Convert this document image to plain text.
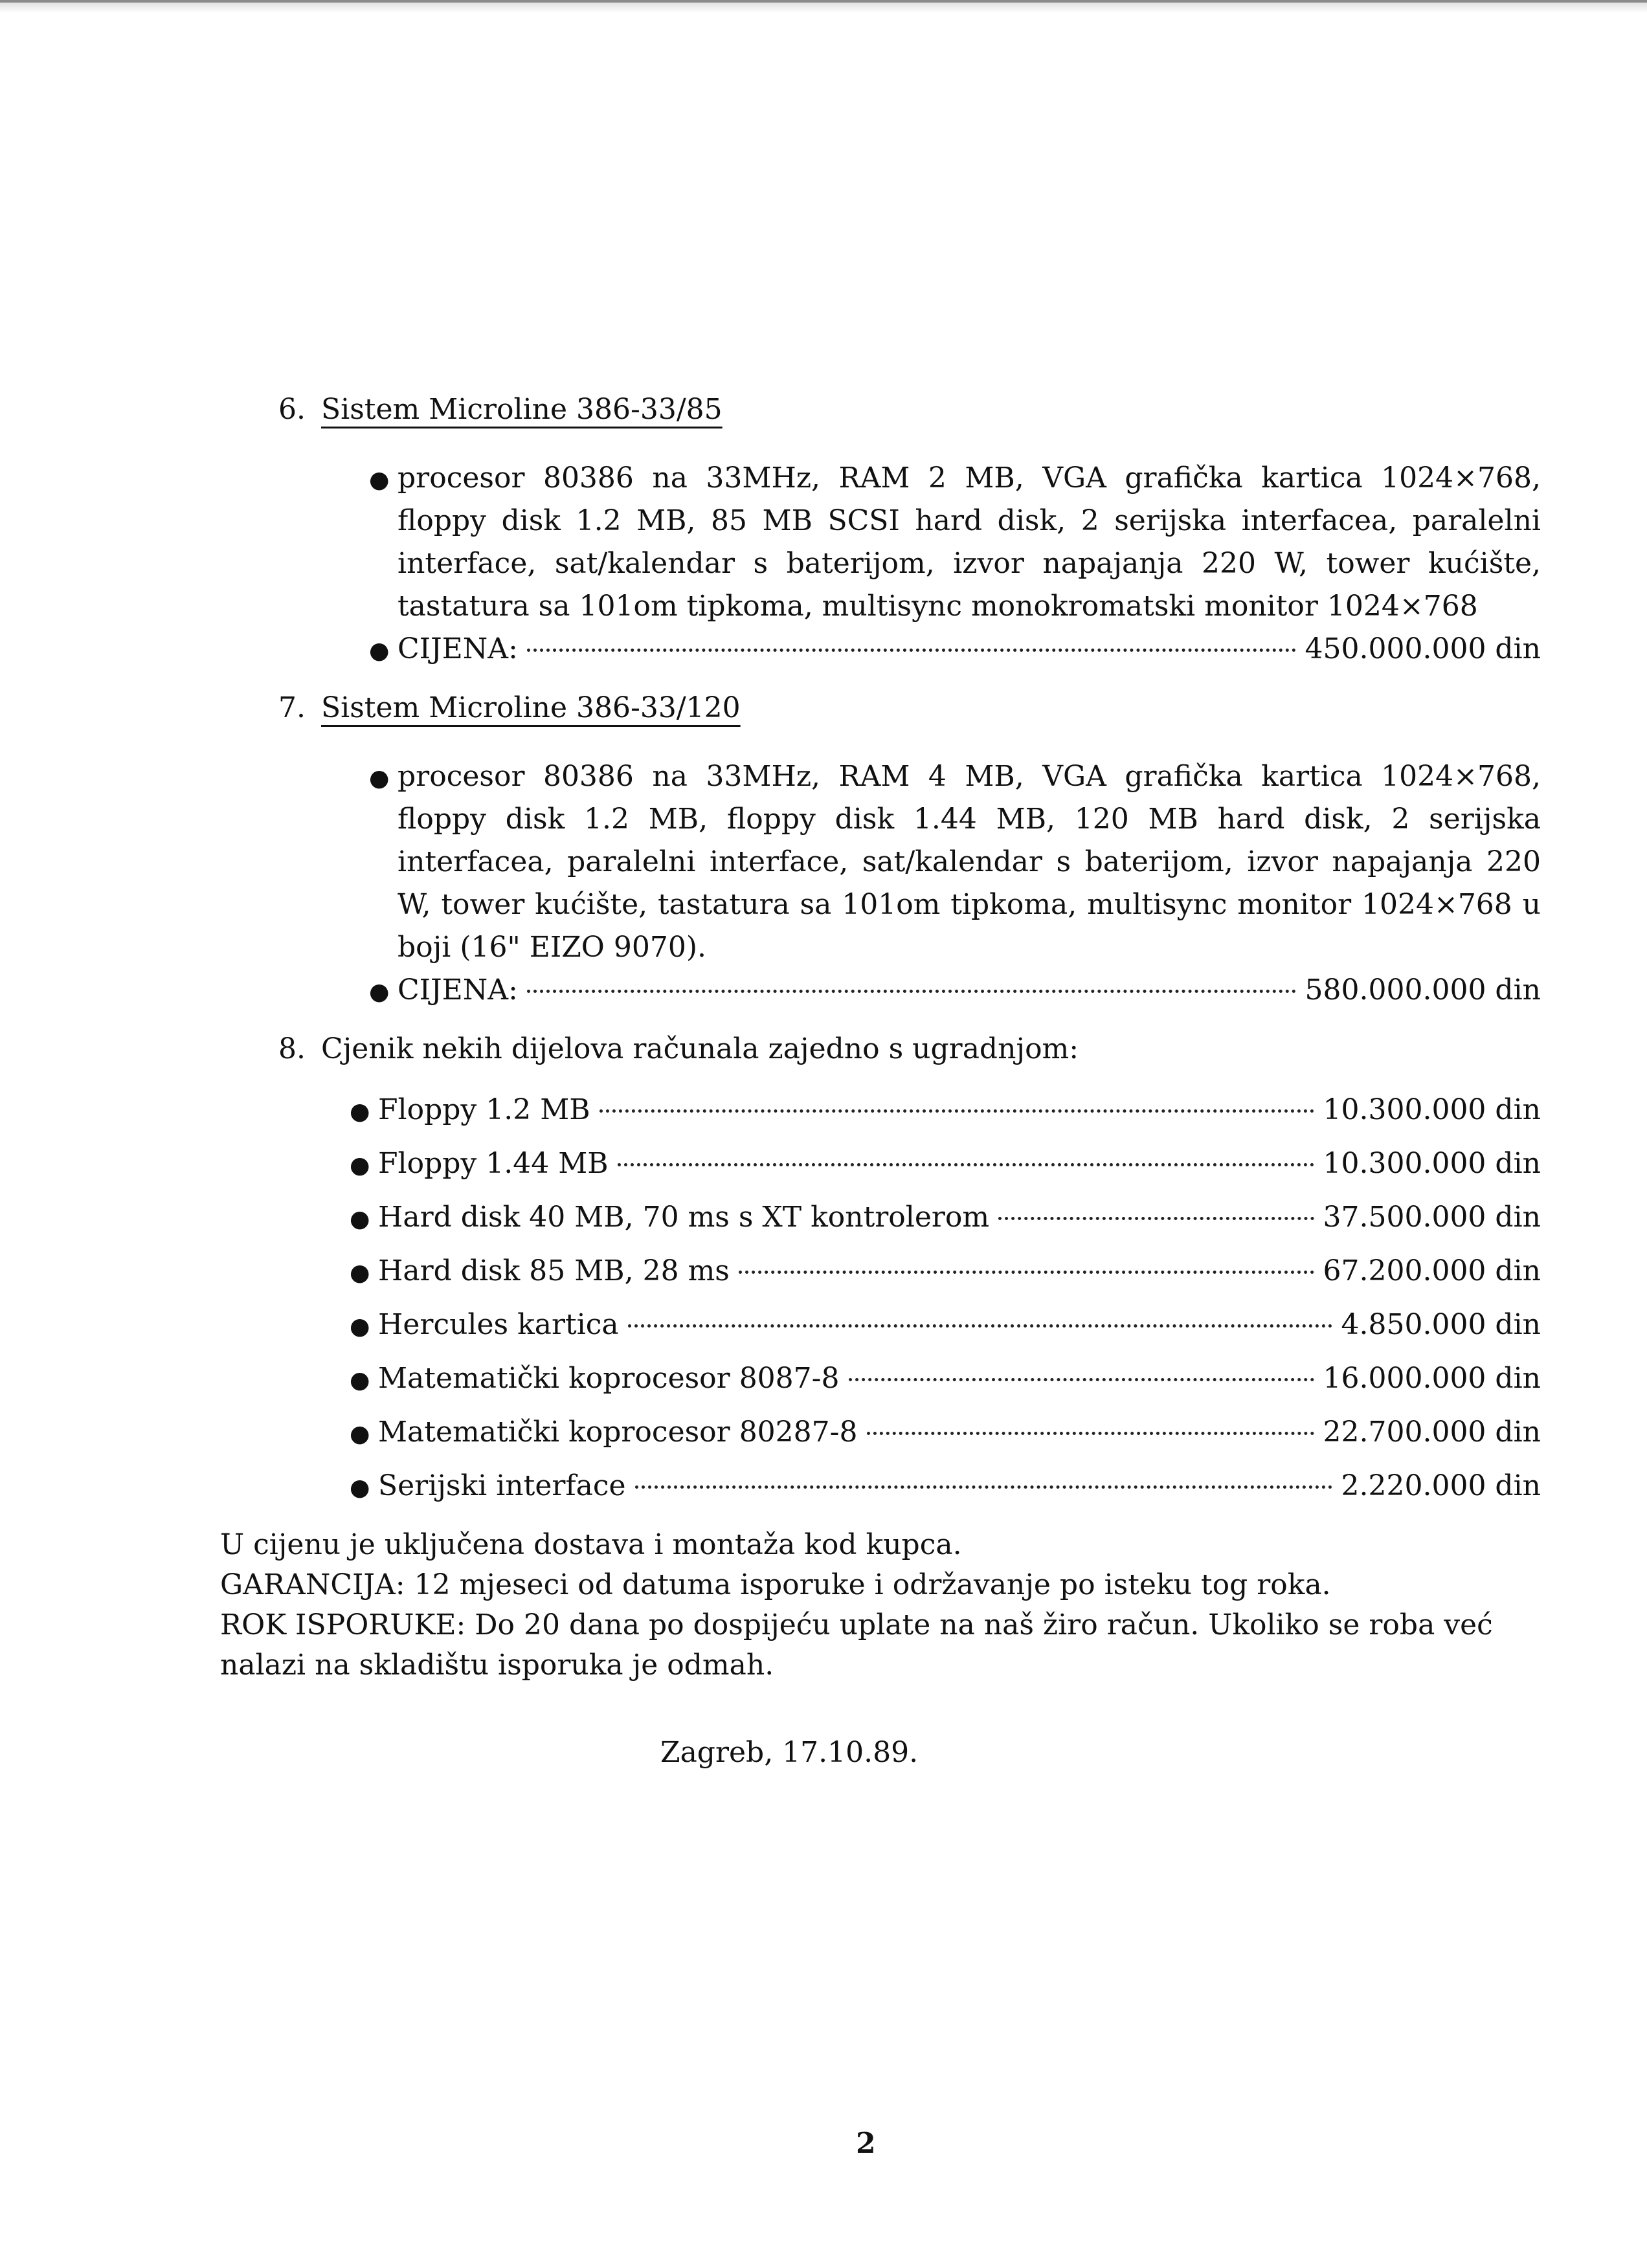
6. Sistem Microline 386-33/85
● procesor 80386 na 33MHz, RAM 2 MB, VGA grafička kartica 1024×768, floppy disk 1.2 MB, 85 MB SCSI hard disk, 2 serijska interfacea, paralelni interface, sat/kalendar s baterijom, izvor napajanja 220 W, tower kućište, tastatura sa 101om tipkoma, multisync monokromatski monitor 1024×768
● CIJENA:	450.000.000 din
7. Sistem Microline 386-33/120
● procesor 80386 na 33MHz, RAM 4 MB, VGA grafička kartica 1024×768, floppy disk 1.2 MB, floppy disk 1.44 MB, 120 MB hard disk, 2 serijska interfacea, paralelni interface, sat/kalendar s baterijom, izvor napajanja 220 W, tower kućište, tastatura sa 101om tipkoma, multisync monitor 1024×768 u boji (16" EIZO 9070).
● CIJENA:	580.000.000 din
8. Cjenik nekih dijelova računala zajedno s ugradnjom:
● Floppy 1.2 MB	10.300.000 din
● Floppy 1.44 MB	10.300.000 din
● Hard disk 40 MB, 70 ms s XT kontrolerom	37.500.000 din
● Hard disk 85 MB, 28 ms	67.200.000 din
● Hercules kartica	4.850.000 din
● Matematički koprocesor 8087-8	16.000.000 din
● Matematički koprocesor 80287-8	22.700.000 din
● Serijski interface	2.220.000 din
U cijenu je uključena dostava i montaža kod kupca.
GARANCIJA: 12 mjeseci od datuma isporuke i održavanje po isteku tog roka.
ROK ISPORUKE: Do 20 dana po dospijeću uplate na naš žiro račun. Ukoliko se roba već nalazi na skladištu isporuka je odmah.
Zagreb, 17.10.89.
2
